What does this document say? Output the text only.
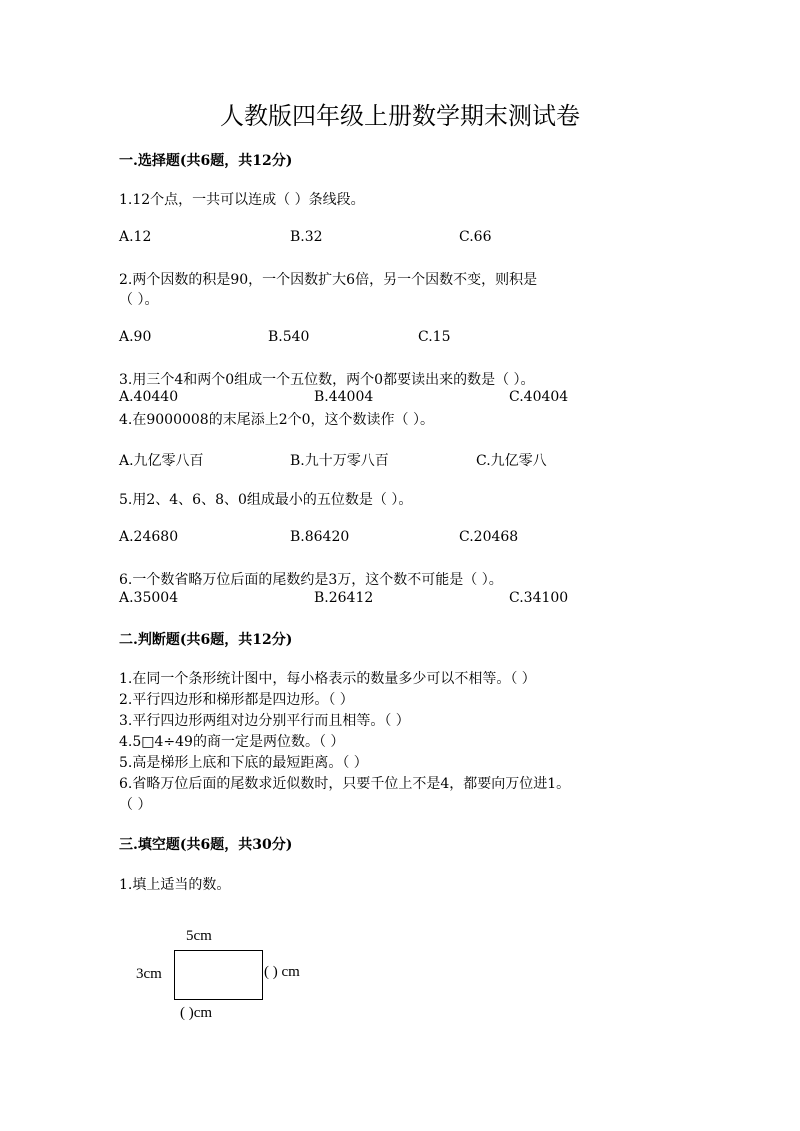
人教版四年级上册数学期末测试卷
一.选择题(共6题，共12分)
1.12个点，一共可以连成（ ）条线段。
A.12	B.32	C.66
2.两个因数的积是90，一个因数扩大6倍，另一个因数不变，则积是
（ ）。
A.90	B.540	C.15
3.用三个4和两个0组成一个五位数，两个0都要读出来的数是（ ）。
A.40440	B.44004	C.40404
4.在9000008的末尾添上2个0，这个数读作（ ）。
A.九亿零八百	B.九十万零八百	C.九亿零八
5.用2、4、6、8、0组成最小的五位数是（ ）。
A.24680	B.86420	C.20468
6.一个数省略万位后面的尾数约是3万，这个数不可能是（ ）。
A.35004	B.26412	C.34100
二.判断题(共6题，共12分)
1.在同一个条形统计图中，每小格表示的数量多少可以不相等。（ ）
2.平行四边形和梯形都是四边形。（ ）
3.平行四边形两组对边分别平行而且相等。（ ）
4.5□4÷49的商一定是两位数。（ ）
5.高是梯形上底和下底的最短距离。（ ）
6.省略万位后面的尾数求近似数时，只要千位上不是4，都要向万位进1。
（ ）
三.填空题(共6题，共30分)
1.填上适当的数。
5cm
3cm	( ) cm
( )cm
